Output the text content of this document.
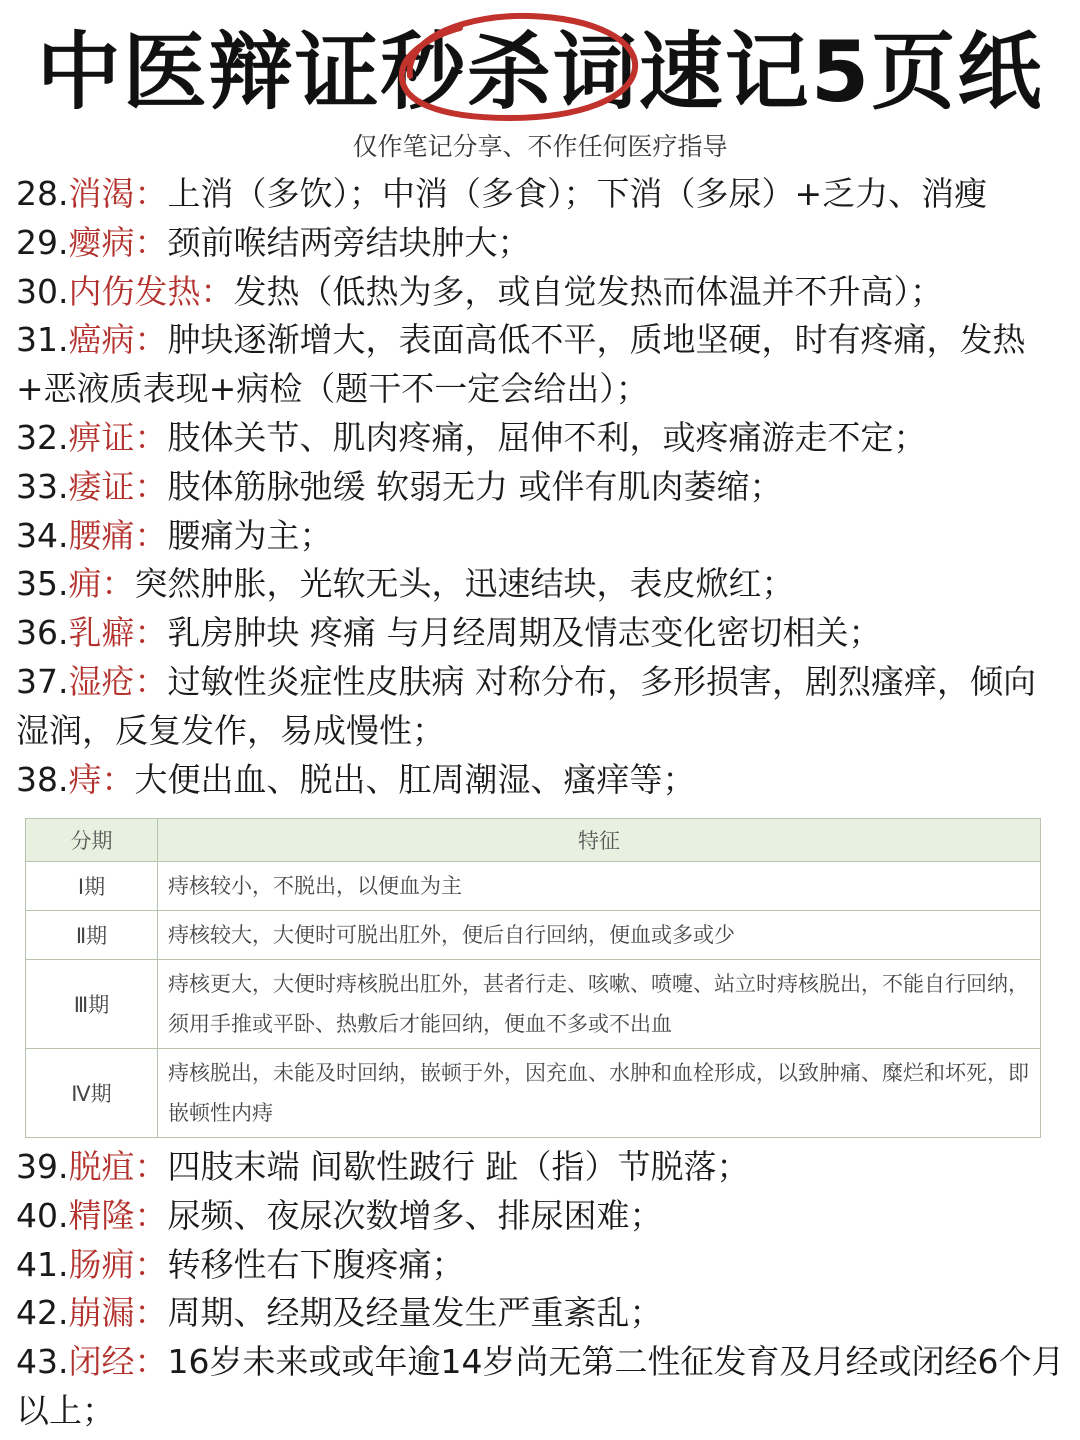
中医辩证秒杀词速记5页纸
仅作笔记分享、不作任何医疗指导
28.消渴：上消（多饮）；中消（多食）；下消（多尿）+乏力、消瘦
29.瘿病：颈前喉结两旁结块肿大；
30.内伤发热：发热（低热为多，或自觉发热而体温并不升高）；
31.癌病：肿块逐渐增大，表面高低不平，质地坚硬，时有疼痛，发热+恶液质表现+病检（题干不一定会给出）；
32.痹证：肢体关节、肌肉疼痛，屈伸不利，或疼痛游走不定；
33.痿证：肢体筋脉弛缓 软弱无力 或伴有肌肉萎缩；
34.腰痛：腰痛为主；
35.痈：突然肿胀，光软无头，迅速结块，表皮焮红；
36.乳癖：乳房肿块 疼痛 与月经周期及情志变化密切相关；
37.湿疮：过敏性炎症性皮肤病 对称分布，多形损害，剧烈瘙痒，倾向湿润，反复发作，易成慢性；
38.痔：大便出血、脱出、肛周潮湿、瘙痒等；
分期	特征
Ⅰ期	痔核较小，不脱出，以便血为主
Ⅱ期	痔核较大，大便时可脱出肛外，便后自行回纳，便血或多或少
Ⅲ期	痔核更大，大便时痔核脱出肛外，甚者行走、咳嗽、喷嚏、站立时痔核脱出，不能自行回纳，须用手推或平卧、热敷后才能回纳，便血不多或不出血
Ⅳ期	痔核脱出，未能及时回纳，嵌顿于外，因充血、水肿和血栓形成，以致肿痛、糜烂和坏死，即嵌顿性内痔
39.脱疽：四肢末端 间歇性跛行 趾（指）节脱落；
40.精隆：尿频、夜尿次数增多、排尿困难；
41.肠痈：转移性右下腹疼痛；
42.崩漏：周期、经期及经量发生严重紊乱；
43.闭经：16岁未来或或年逾14岁尚无第二性征发育及月经或闭经6个月以上；
